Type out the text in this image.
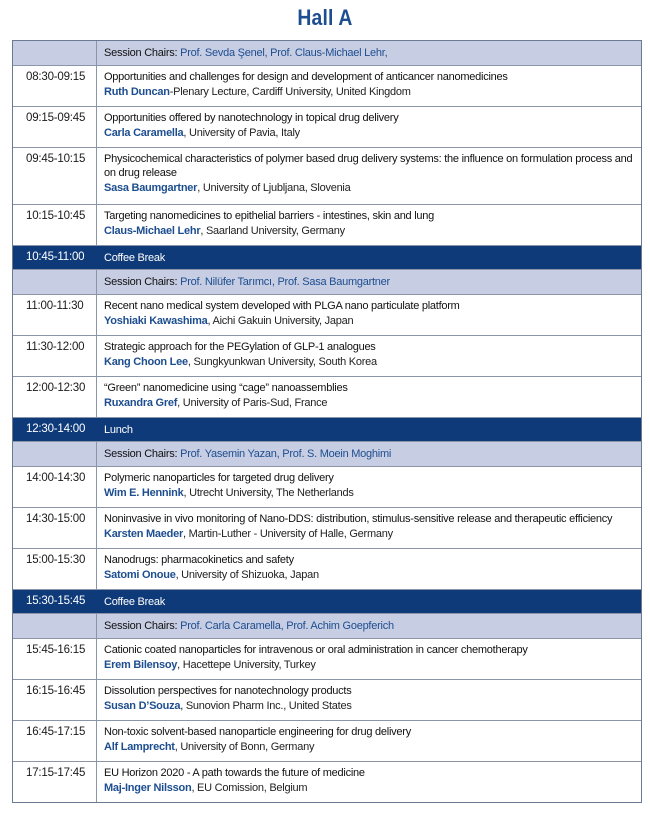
Hall A
Session Chairs: Prof. Sevda Şenel, Prof. Claus-Michael Lehr,
08:30-09:15	Opportunities and challenges for design and development of anticancer nanomedicines
Ruth Duncan-Plenary Lecture, Cardiff University, United Kingdom
09:15-09:45	Opportunities offered by nanotechnology in topical drug delivery
Carla Caramella, University of Pavia, Italy
09:45-10:15	Physicochemical characteristics of polymer based drug delivery systems: the influence on formulation process and on drug release
Sasa Baumgartner, University of Ljubljana, Slovenia
10:15-10:45	Targeting nanomedicines to epithelial barriers - intestines, skin and lung
Claus-Michael Lehr, Saarland University, Germany
10:45-11:00	Coffee Break
Session Chairs: Prof. Nilüfer Tarımcı, Prof. Sasa Baumgartner
11:00-11:30	Recent nano medical system developed with PLGA nano particulate platform
Yoshiaki Kawashima, Aichi Gakuin University, Japan
11:30-12:00	Strategic approach for the PEGylation of GLP-1 analogues
Kang Choon Lee, Sungkyunkwan University, South Korea
12:00-12:30	“Green” nanomedicine using “cage” nanoassemblies
Ruxandra Gref, University of Paris-Sud, France
12:30-14:00	Lunch
Session Chairs: Prof. Yasemin Yazan, Prof. S. Moein Moghimi
14:00-14:30	Polymeric nanoparticles for targeted drug delivery
Wim E. Hennink, Utrecht University, The Netherlands
14:30-15:00	Noninvasive in vivo monitoring of Nano-DDS: distribution, stimulus-sensitive release and therapeutic efficiency
Karsten Maeder, Martin-Luther - University of Halle, Germany
15:00-15:30	Nanodrugs: pharmacokinetics and safety
Satomi Onoue, University of Shizuoka, Japan
15:30-15:45	Coffee Break
Session Chairs: Prof. Carla Caramella, Prof. Achim Goepferich
15:45-16:15	Cationic coated nanoparticles for intravenous or oral administration in cancer chemotherapy
Erem Bilensoy, Hacettepe University, Turkey
16:15-16:45	Dissolution perspectives for nanotechnology products
Susan D’Souza, Sunovion Pharm Inc., United States
16:45-17:15	Non-toxic solvent-based nanoparticle engineering for drug delivery
Alf Lamprecht, University of Bonn, Germany
17:15-17:45	EU Horizon 2020 - A path towards the future of medicine
Maj-Inger Nilsson, EU Comission, Belgium
